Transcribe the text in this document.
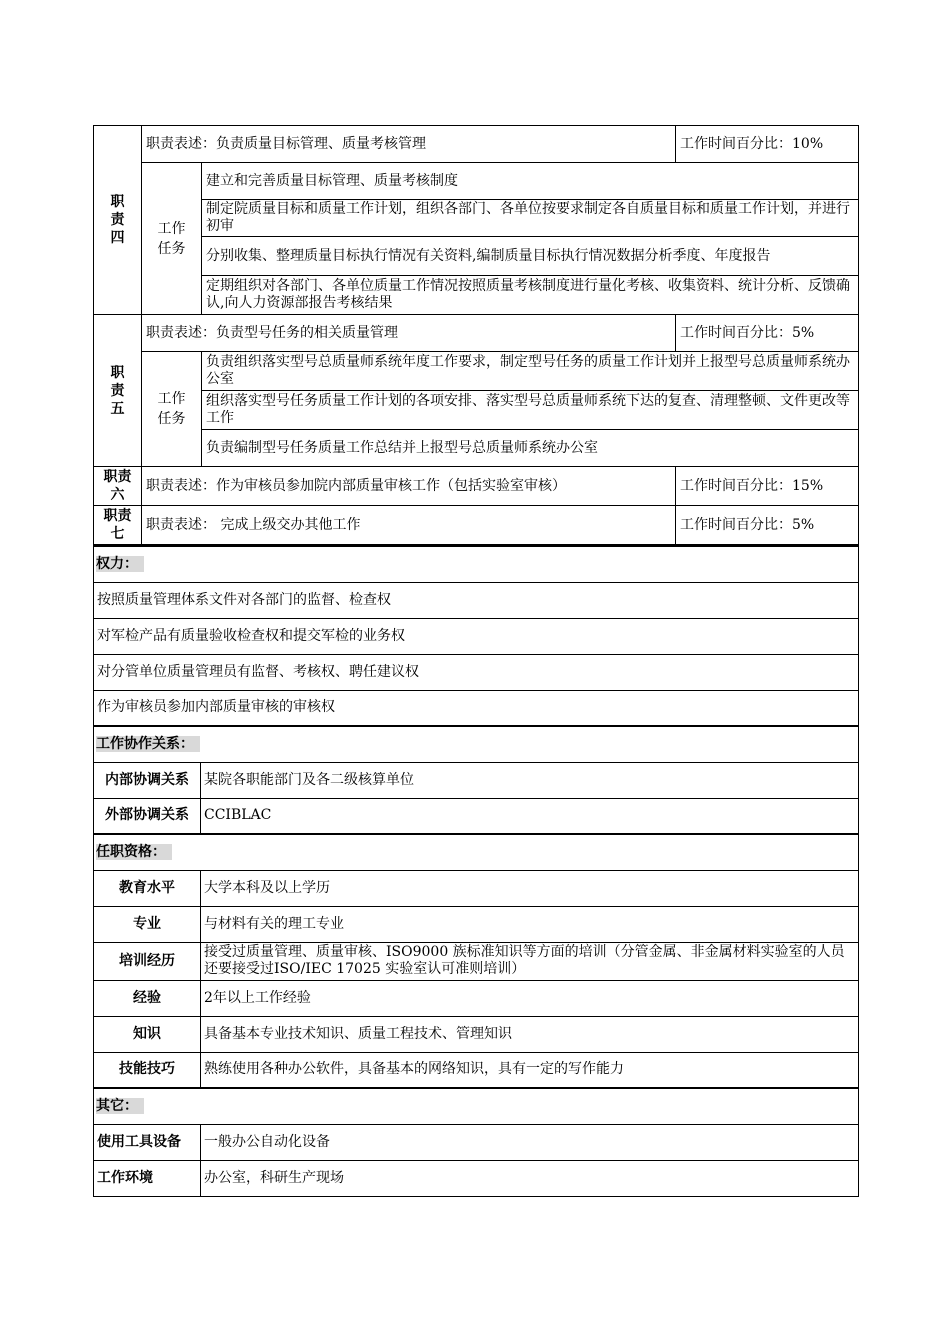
职责四	职责表述：负责质量目标管理、质量考核管理		工作时间百分比：10%
	工作任务	建立和完善质量目标管理、质量考核制度	
		制定院质量目标和质量工作计划，组织各部门、各单位按要求制定各自质量目标和质量工作计划，并进行初审	
		分别收集、整理质量目标执行情况有关资料,编制质量目标执行情况数据分析季度、年度报告	
		定期组织对各部门、各单位质量工作情况按照质量考核制度进行量化考核、收集资料、统计分析、反馈确认,向人力资源部报告考核结果	
职责五	职责表述：负责型号任务的相关质量管理		工作时间百分比：5%
	工作任务	负责组织落实型号总质量师系统年度工作要求，制定型号任务的质量工作计划并上报型号总质量师系统办公室	
		组织落实型号任务质量工作计划的各项安排、落实型号总质量师系统下达的复查、清理整顿、文件更改等工作	
		负责编制型号任务质量工作总结并上报型号总质量师系统办公室	
职责六	职责表述：作为审核员参加院内部质量审核工作（包括实验室审核）		工作时间百分比：15%
职责七	职责表述： 完成上级交办其他工作		工作时间百分比：5%
权力：	
按照质量管理体系文件对各部门的监督、检查权	
对军检产品有质量验收检查权和提交军检的业务权	
对分管单位质量管理员有监督、考核权、聘任建议权	
作为审核员参加内部质量审核的审核权	
工作协作关系：	
内部协调关系	某院各职能部门及各二级核算单位
外部协调关系	CCIBLAC
任职资格：	
教育水平	大学本科及以上学历
专业	与材料有关的理工专业
培训经历	接受过质量管理、质量审核、ISO9000 族标准知识等方面的培训（分管金属、非金属材料实验室的人员还要接受过ISO/IEC 17025 实验室认可准则培训）
经验	2年以上工作经验
知识	具备基本专业技术知识、质量工程技术、管理知识
技能技巧	熟练使用各种办公软件，具备基本的网络知识，具有一定的写作能力
其它：	
使用工具设备	一般办公自动化设备
工作环境	办公室，科研生产现场
